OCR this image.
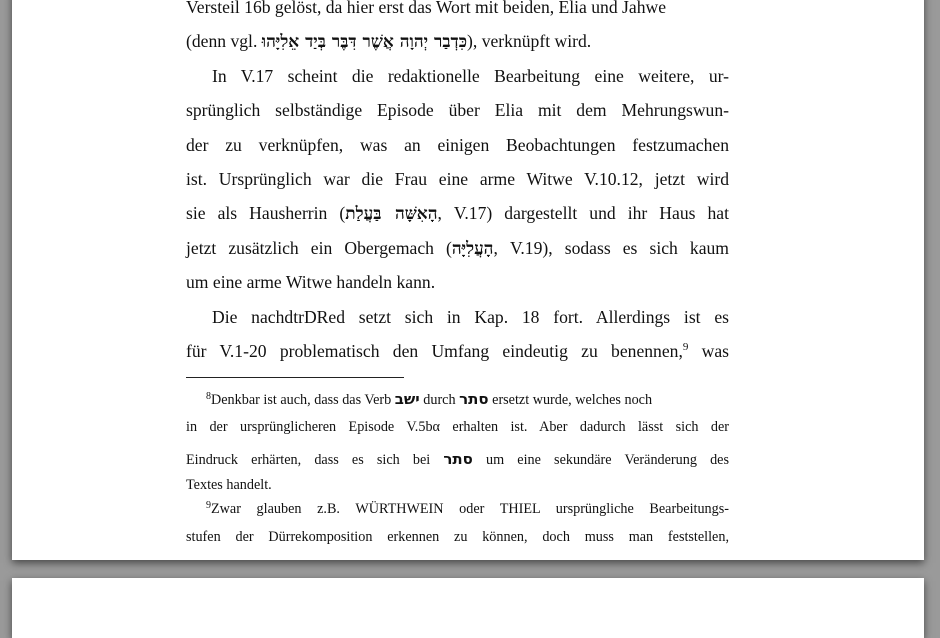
Versteil 16b gelöst, da hier erst das Wort mit beiden, Elia und Jahwe
(denn vgl. כִּדְבַר יְהוָה אֲשֶׁר דִּבֶּר בְּיַד אֵלִיָּהוּ), verknüpft wird.
In V.17 scheint die redaktionelle Bearbeitung eine weitere, ur-
sprünglich selbständige Episode über Elia mit dem Mehrungswun-
der zu verknüpfen, was an einigen Beobachtungen festzumachen
ist. Ursprünglich war die Frau eine arme Witwe V.10.12, jetzt wird
sie als Hausherrin (הָאִשָּׁה בַּעֲלַת, V.17) dargestellt und ihr Haus hat
jetzt zusätzlich ein Obergemach (הָעֲלִיָּה, V.19), sodass es sich kaum
um eine arme Witwe handeln kann.
Die nachdtrDRed setzt sich in Kap. 18 fort. Allerdings ist es
für V.1-20 problematisch den Umfang eindeutig zu benennen,$^9$ was
$^8$Denkbar ist auch, dass das Verb ישב durch סתר ersetzt wurde, welches noch
in der ursprünglicheren Episode V.5bα erhalten ist. Aber dadurch lässt sich der
Eindruck erhärten, dass es sich bei סתר um eine sekundäre Veränderung des
Textes handelt.
$^9$Zwar glauben z.B. WÜRTHWEIN oder THIEL ursprüngliche Bearbeitungs-
stufen der Dürrekomposition erkennen zu können, doch muss man feststellen,
